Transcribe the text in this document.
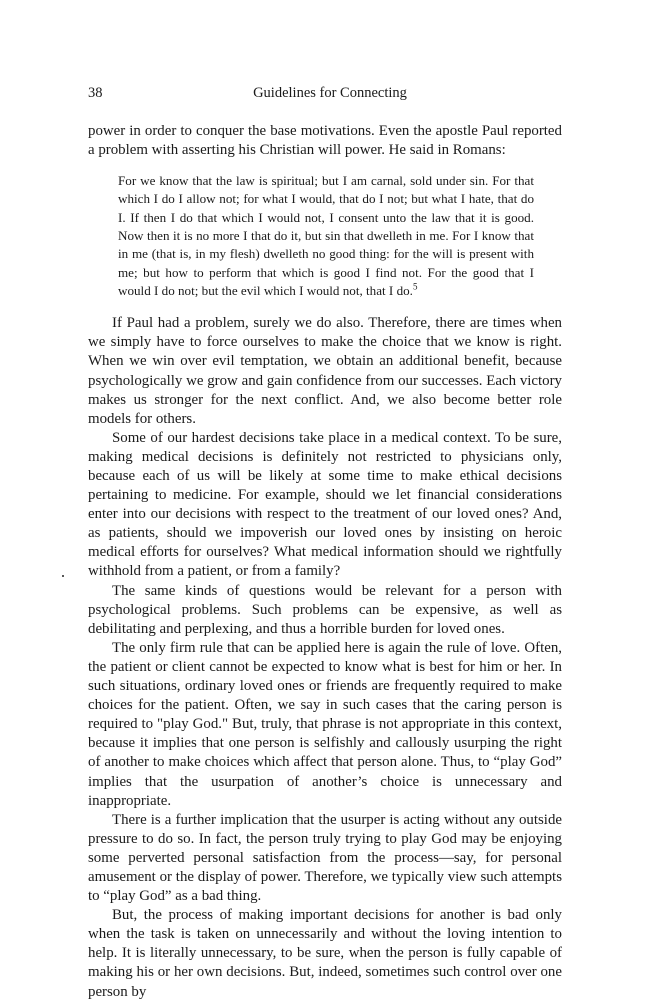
38	Guidelines for Connecting

power in order to conquer the base motivations. Even the apostle Paul reported a problem with asserting his Christian will power. He said in Romans:

For we know that the law is spiritual; but I am carnal, sold under sin. For that which I do I allow not; for what I would, that do I not; but what I hate, that do I. If then I do that which I would not, I consent unto the law that it is good. Now then it is no more I that do it, but sin that dwelleth in me. For I know that in me (that is, in my flesh) dwelleth no good thing: for the will is present with me; but how to perform that which is good I find not. For the good that I would I do not; but the evil which I would not, that I do.$^5$

If Paul had a problem, surely we do also. Therefore, there are times when we simply have to force ourselves to make the choice that we know is right. When we win over evil temptation, we obtain an additional benefit, because psychologically we grow and gain confidence from our successes. Each victory makes us stronger for the next conflict. And, we also become better role models for others.

Some of our hardest decisions take place in a medical context. To be sure, making medical decisions is definitely not restricted to physicians only, because each of us will be likely at some time to make ethical decisions pertaining to medicine. For example, should we let financial considerations enter into our decisions with respect to the treatment of our loved ones? And, as patients, should we impoverish our loved ones by insisting on heroic medical efforts for ourselves? What medical information should we rightfully withhold from a patient, or from a family?

The same kinds of questions would be relevant for a person with psychological problems. Such problems can be expensive, as well as debilitating and perplexing, and thus a horrible burden for loved ones.

The only firm rule that can be applied here is again the rule of love. Often, the patient or client cannot be expected to know what is best for him or her. In such situations, ordinary loved ones or friends are frequently required to make choices for the patient. Often, we say in such cases that the caring person is required to "play God." But, truly, that phrase is not appropriate in this context, because it implies that one person is selfishly and callously usurping the right of another to make choices which affect that person alone. Thus, to “play God” implies that the usurpation of another’s choice is unnecessary and inappropriate.

There is a further implication that the usurper is acting without any outside pressure to do so. In fact, the person truly trying to play God may be enjoying some perverted personal satisfaction from the process—say, for personal amusement or the display of power. Therefore, we typically view such attempts to “play God” as a bad thing.

But, the process of making important decisions for another is bad only when the task is taken on unnecessarily and without the loving intention to help. It is literally unnecessary, to be sure, when the person is fully capable of making his or her own decisions. But, indeed, sometimes such control over one person by
